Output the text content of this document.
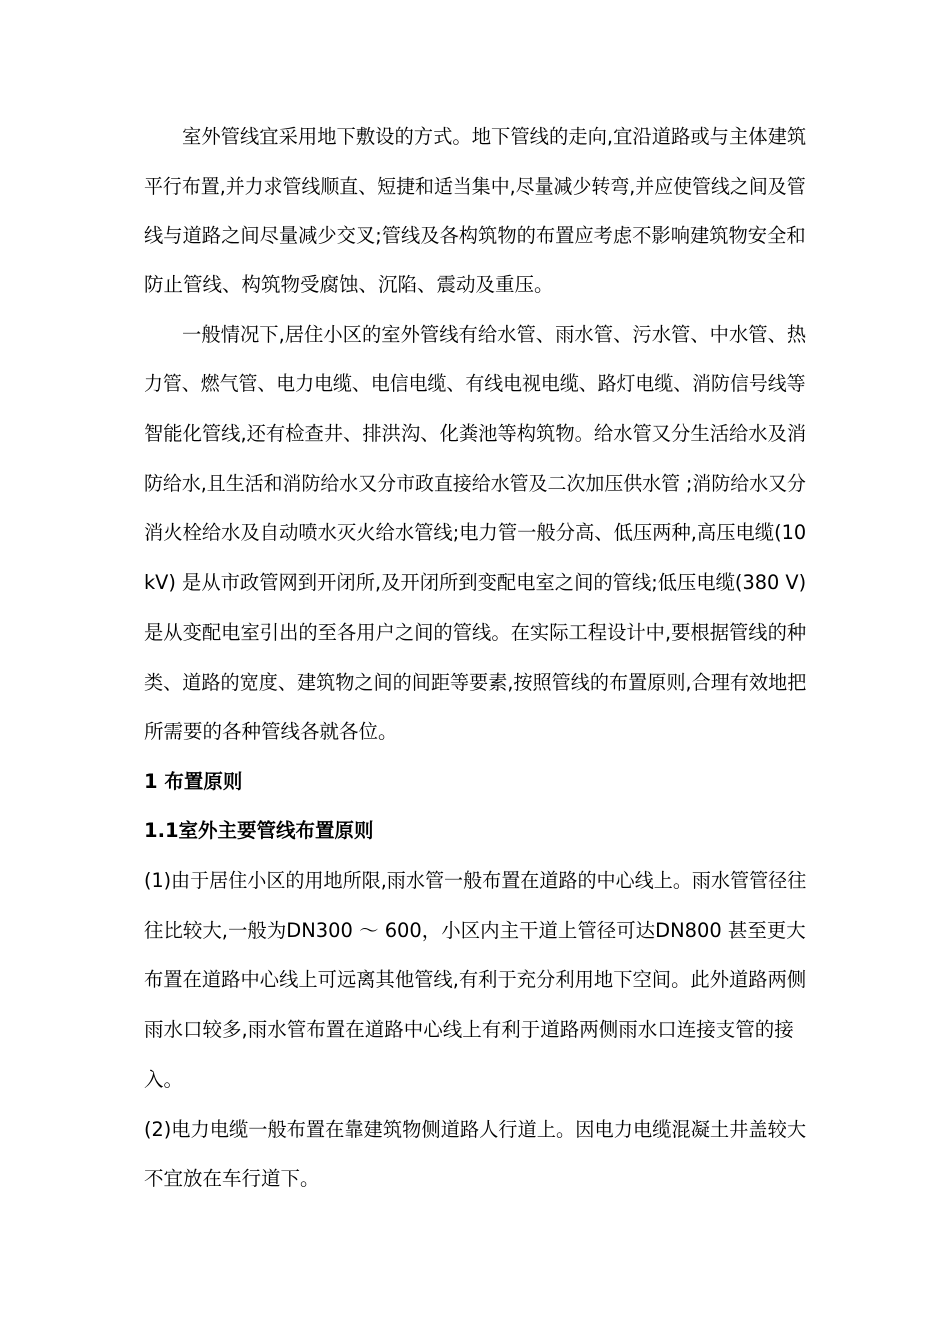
室外管线宜采用地下敷设的方式。地下管线的走向,宜沿道路或与主体建筑
平行布置,并力求管线顺直、短捷和适当集中,尽量减少转弯,并应使管线之间及管
线与道路之间尽量减少交叉;管线及各构筑物的布置应考虑不影响建筑物安全和
防止管线、构筑物受腐蚀、沉陷、震动及重压。
一般情况下,居住小区的室外管线有给水管、雨水管、污水管、中水管、热
力管、燃气管、电力电缆、电信电缆、有线电视电缆、路灯电缆、消防信号线等
智能化管线,还有检查井、排洪沟、化粪池等构筑物。给水管又分生活给水及消
防给水,且生活和消防给水又分市政直接给水管及二次加压供水管 ;消防给水又分
消火栓给水及自动喷水灭火给水管线;电力管一般分高、低压两种,高压电缆(10
kV) 是从市政管网到开闭所,及开闭所到变配电室之间的管线;低压电缆(380 V)
是从变配电室引出的至各用户之间的管线。在实际工程设计中,要根据管线的种
类、道路的宽度、建筑物之间的间距等要素,按照管线的布置原则,合理有效地把
所需要的各种管线各就各位。
1 布置原则
1.1室外主要管线布置原则
(1)由于居住小区的用地所限,雨水管一般布置在道路的中心线上。雨水管管径往
往比较大,一般为DN300 ～ 600，小区内主干道上管径可达DN800 甚至更大
布置在道路中心线上可远离其他管线,有利于充分利用地下空间。此外道路两侧
雨水口较多,雨水管布置在道路中心线上有利于道路两侧雨水口连接支管的接
入。
(2)电力电缆一般布置在靠建筑物侧道路人行道上。因电力电缆混凝土井盖较大
不宜放在车行道下。
